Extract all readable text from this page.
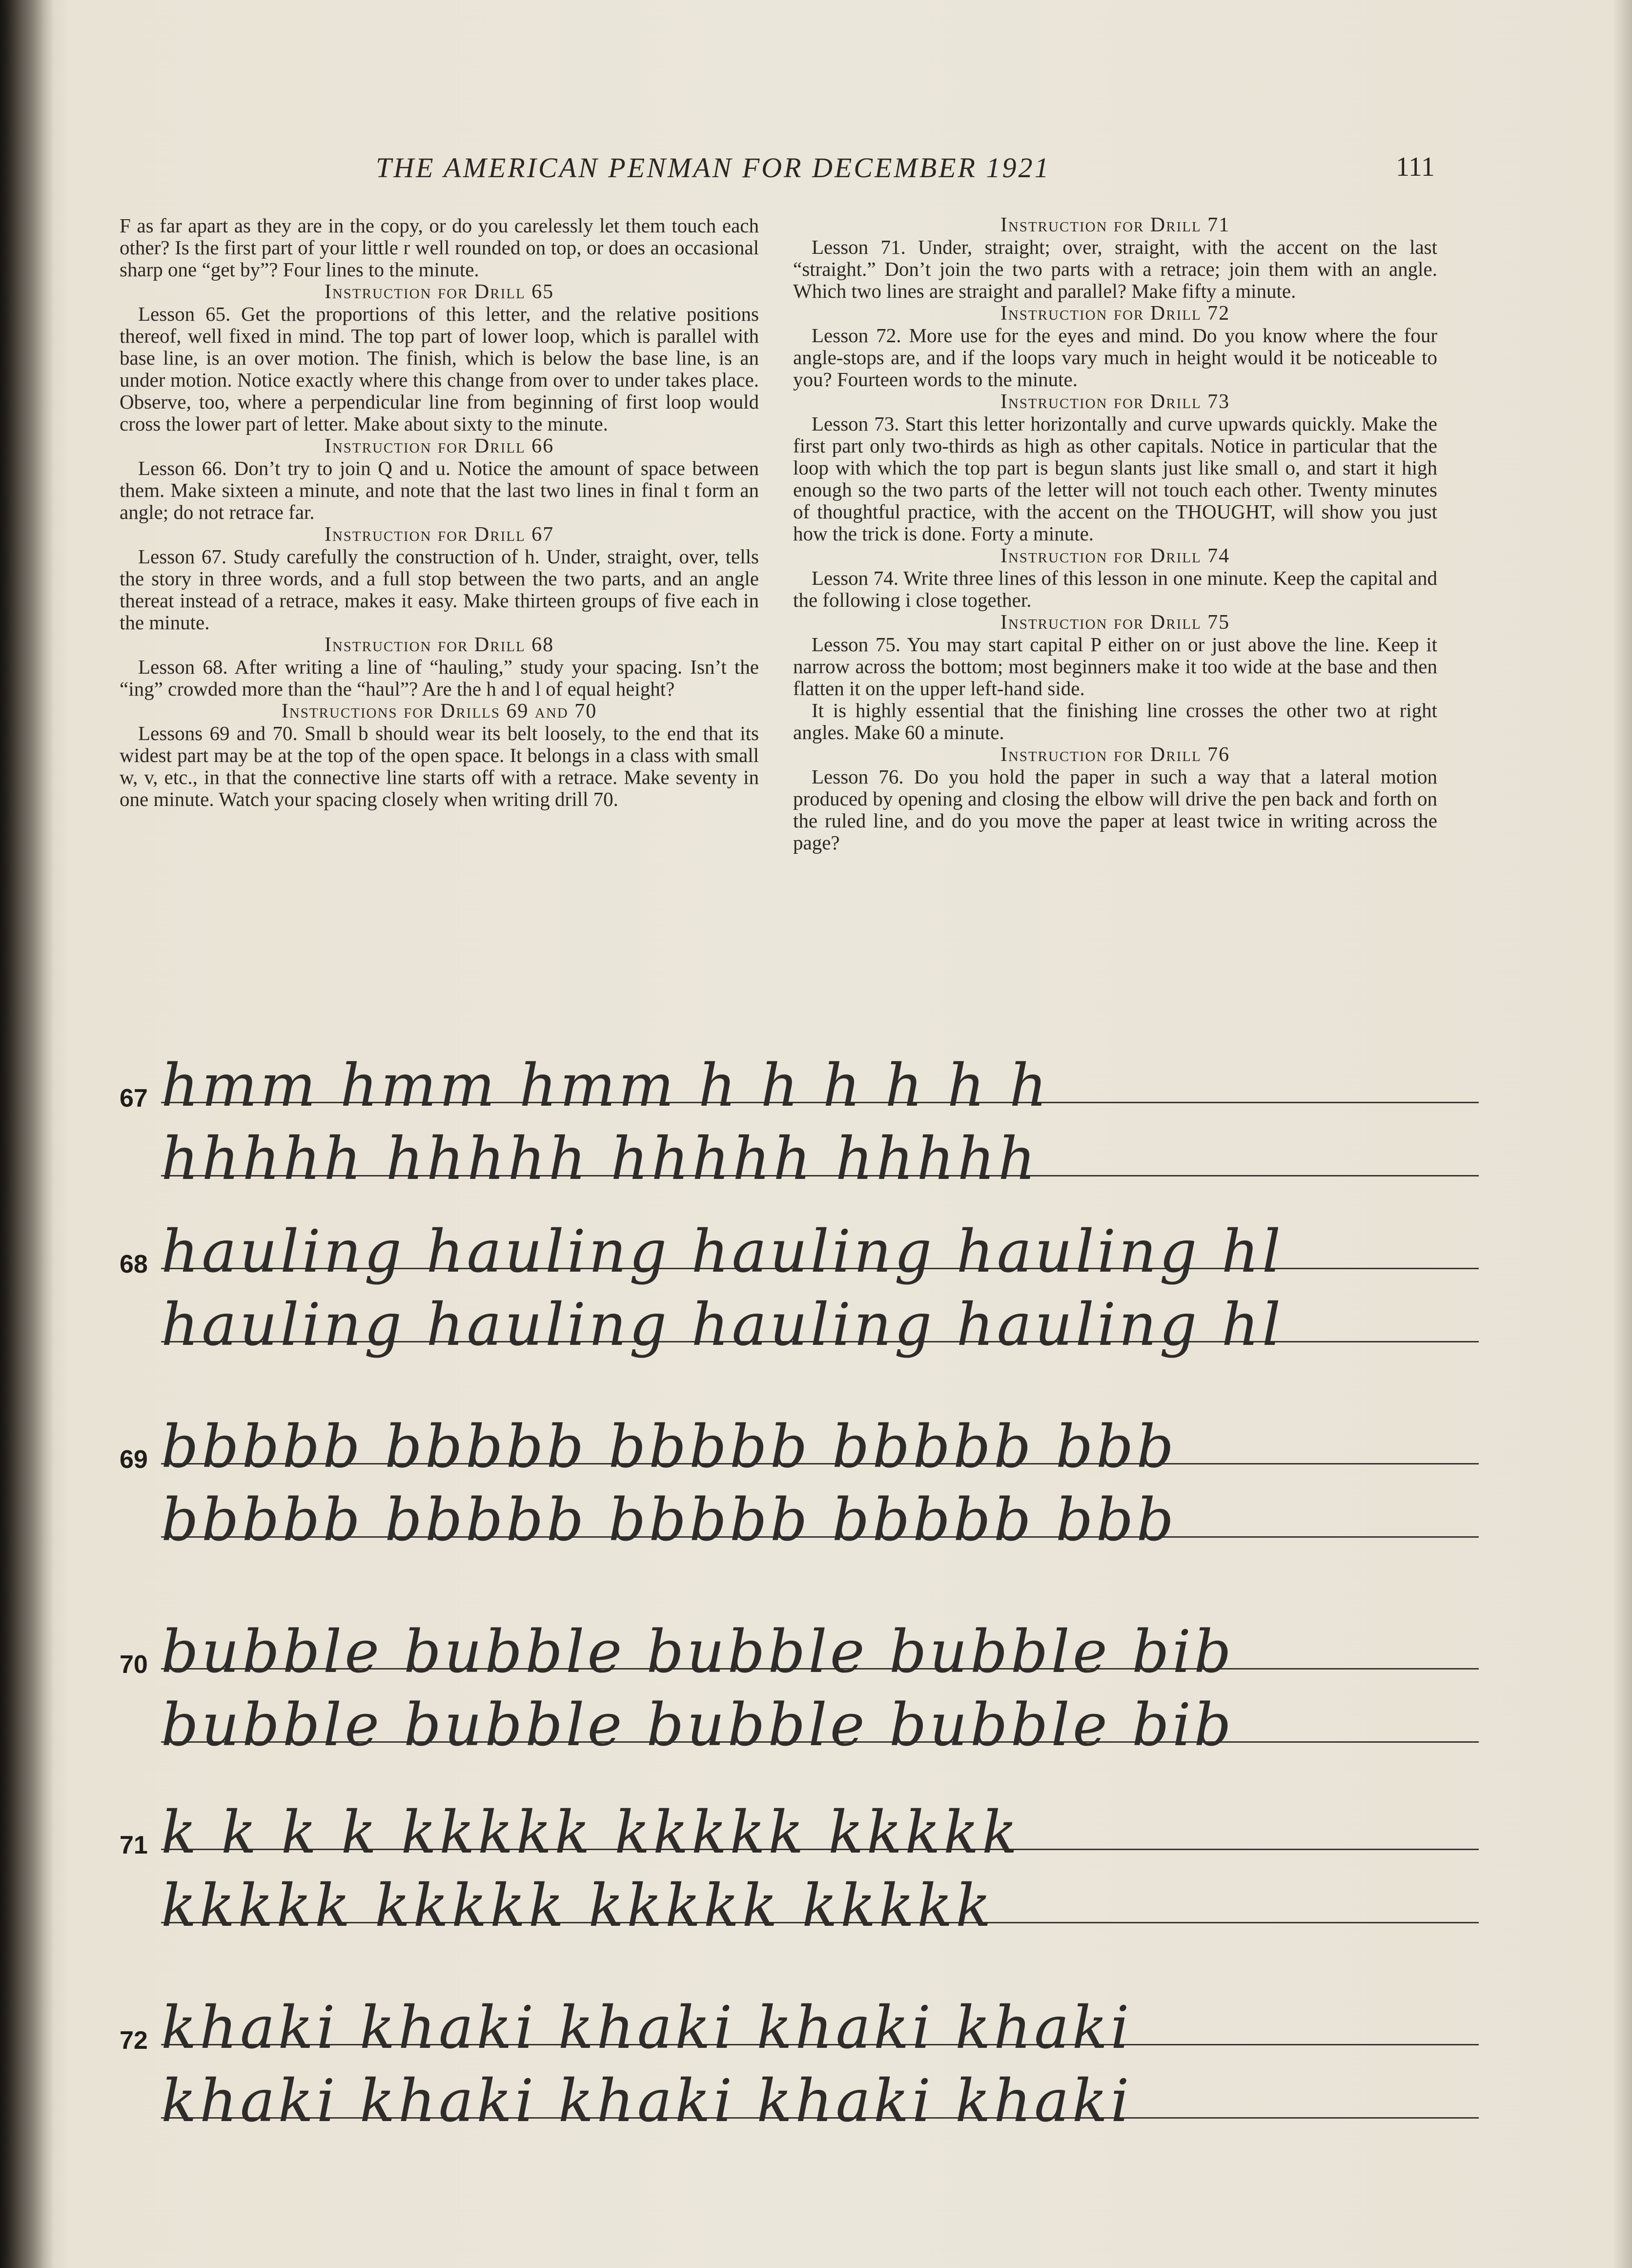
THE AMERICAN PENMAN FOR DECEMBER 1921	111

F as far apart as they are in the copy, or do you carelessly let them touch each other? Is the first part of your little r well rounded on top, or does an occasional sharp one “get by”? Four lines to the minute.

Instruction for Drill 65

Lesson 65. Get the proportions of this letter, and the relative positions thereof, well fixed in mind. The top part of lower loop, which is parallel with base line, is an over motion. The finish, which is below the base line, is an under motion. Notice exactly where this change from over to under takes place. Observe, too, where a perpendicular line from beginning of first loop would cross the lower part of letter. Make about sixty to the minute.

Instruction for Drill 66

Lesson 66. Don’t try to join Q and u. Notice the amount of space between them. Make sixteen a minute, and note that the last two lines in final t form an angle; do not retrace far.

Instruction for Drill 67

Lesson 67. Study carefully the construction of h. Under, straight, over, tells the story in three words, and a full stop between the two parts, and an angle thereat instead of a retrace, makes it easy. Make thirteen groups of five each in the minute.

Instruction for Drill 68

Lesson 68. After writing a line of “hauling,” study your spacing. Isn’t the “ing” crowded more than the “haul”? Are the h and l of equal height?

Instructions for Drills 69 and 70

Lessons 69 and 70. Small b should wear its belt loosely, to the end that its widest part may be at the top of the open space. It belongs in a class with small w, v, etc., in that the connective line starts off with a retrace. Make seventy in one minute. Watch your spacing closely when writing drill 70.

Instruction for Drill 71

Lesson 71. Under, straight; over, straight, with the accent on the last “straight.” Don’t join the two parts with a retrace; join them with an angle. Which two lines are straight and parallel? Make fifty a minute.

Instruction for Drill 72

Lesson 72. More use for the eyes and mind. Do you know where the four angle-stops are, and if the loops vary much in height would it be noticeable to you? Fourteen words to the minute.

Instruction for Drill 73

Lesson 73. Start this letter horizontally and curve upwards quickly. Make the first part only two-thirds as high as other capitals. Notice in particular that the loop with which the top part is begun slants just like small o, and start it high enough so the two parts of the letter will not touch each other. Twenty minutes of thoughtful practice, with the accent on the THOUGHT, will show you just how the trick is done. Forty a minute.

Instruction for Drill 74

Lesson 74. Write three lines of this lesson in one minute. Keep the capital and the following i close together.

Instruction for Drill 75

Lesson 75. You may start capital P either on or just above the line. Keep it narrow across the bottom; most beginners make it too wide at the base and then flatten it on the upper left-hand side.

It is highly essential that the finishing line crosses the other two at right angles. Make 60 a minute.

Instruction for Drill 76

Lesson 76. Do you hold the paper in such a way that a lateral motion produced by opening and closing the elbow will drive the pen back and forth on the ruled line, and do you move the paper at least twice in writing across the page?

67 hmm hmm hmm h h h h h h
hhhhh hhhhh hhhhh hhhhh
68 hauling hauling hauling hauling hl
hauling hauling hauling hauling hl
69 bbbbb bbbbb bbbbb bbbbb bbb
bbbbb bbbbb bbbbb bbbbb bbb
70 bubble bubble bubble bubble bib
bubble bubble bubble bubble bib
71 k k k k kkkkk kkkkk kkkkk
kkkkk kkkkk kkkkk kkkkk
72 khaki khaki khaki khaki khaki
khaki khaki khaki khaki khaki
